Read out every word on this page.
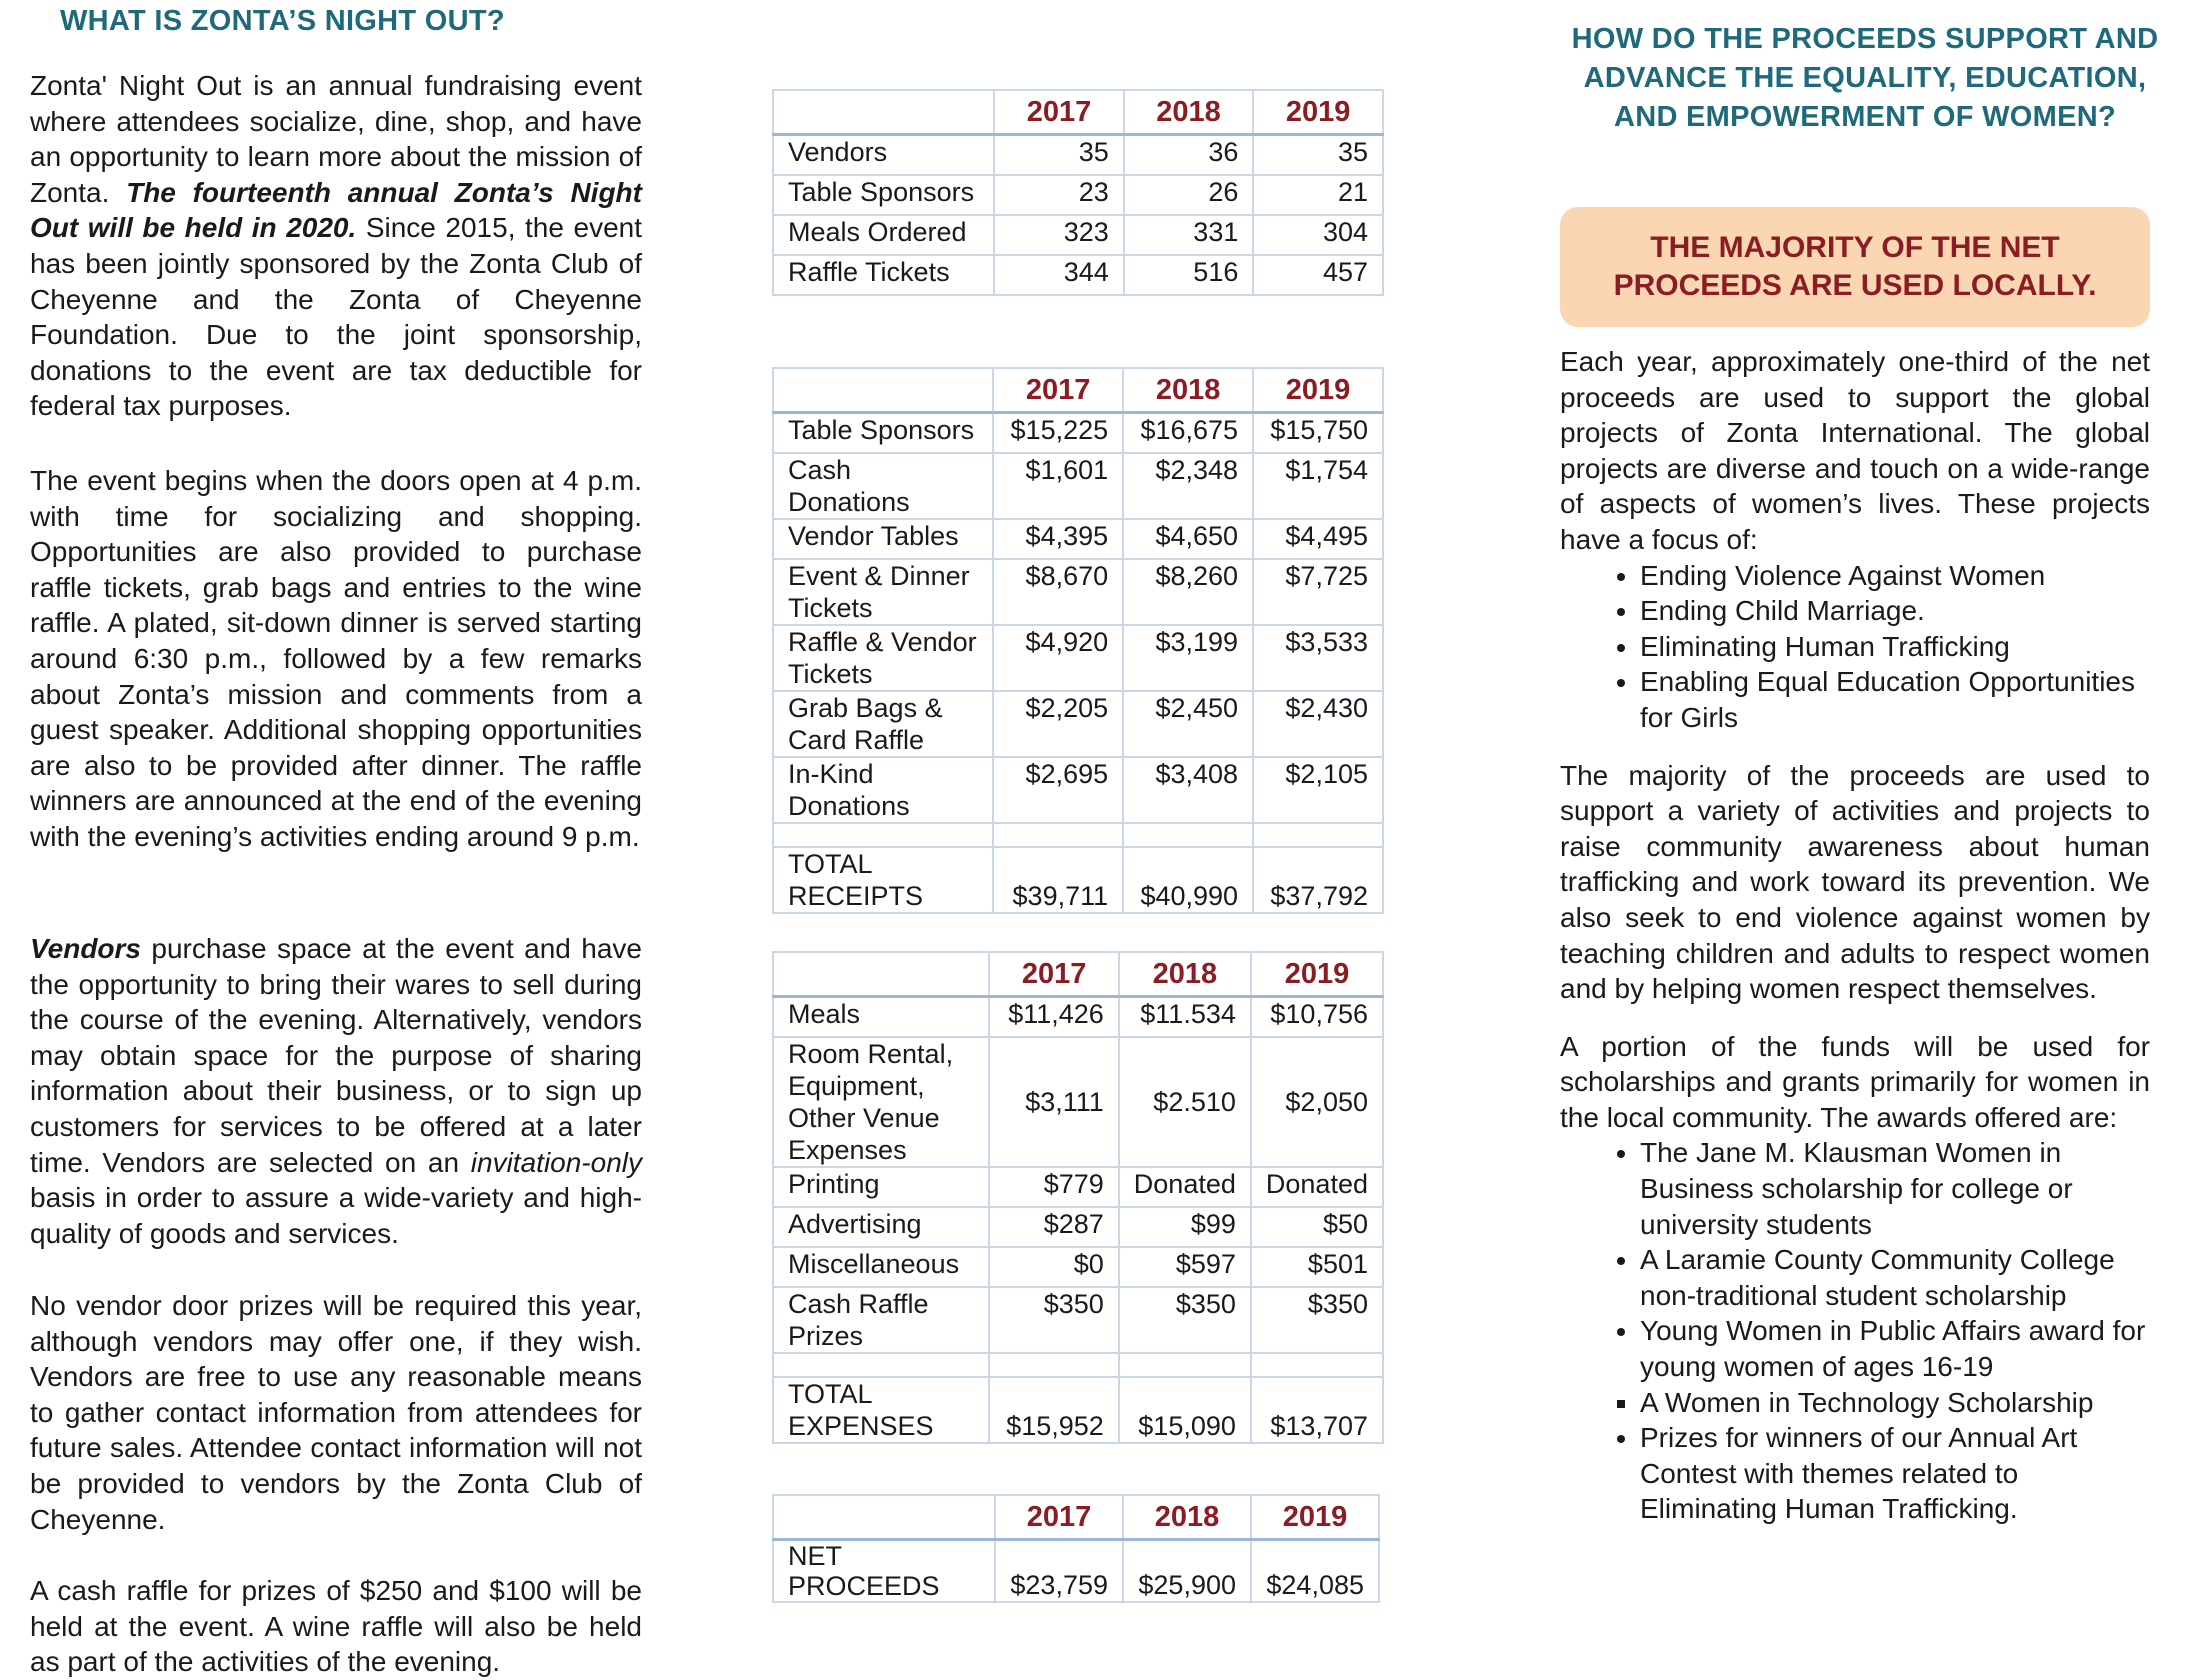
WHAT IS ZONTA’S NIGHT OUT?

Zonta' Night Out is an annual fundraising event where attendees socialize, dine, shop, and have an opportunity to learn more about the mission of Zonta. The fourteenth annual Zonta’s Night Out will be held in 2020. Since 2015, the event has been jointly sponsored by the Zonta Club of Cheyenne and the Zonta of Cheyenne Foundation. Due to the joint sponsorship, donations to the event are tax deductible for federal tax purposes.

The event begins when the doors open at 4 p.m. with time for socializing and shopping. Opportunities are also provided to purchase raffle tickets, grab bags and entries to the wine raffle. A plated, sit-down dinner is served starting around 6:30 p.m., followed by a few remarks about Zonta’s mission and comments from a guest speaker. Additional shopping opportunities are also to be provided after dinner. The raffle winners are announced at the end of the evening with the evening’s activities ending around 9 p.m.

Vendors purchase space at the event and have the opportunity to bring their wares to sell during the course of the evening. Alternatively, vendors may obtain space for the purpose of sharing information about their business, or to sign up customers for services to be offered at a later time. Vendors are selected on an invitation-only basis in order to assure a wide-variety and high-quality of goods and services.

No vendor door prizes will be required this year, although vendors may offer one, if they wish. Vendors are free to use any reasonable means to gather contact information from attendees for future sales. Attendee contact information will not be provided to vendors by the Zonta Club of Cheyenne.

A cash raffle for prizes of $250 and $100 will be held at the event. A wine raffle will also be held as part of the activities of the evening.

	2017	2018	2019
Vendors	35	36	35
Table Sponsors	23	26	21
Meals Ordered	323	331	304
Raffle Tickets	344	516	457
	2017	2018	2019
Table Sponsors	$15,225	$16,675	$15,750
Cash Donations	$1,601	$2,348	$1,754
Vendor Tables	$4,395	$4,650	$4,495
Event & Dinner Tickets	$8,670	$8,260	$7,725
Raffle & Vendor Tickets	$4,920	$3,199	$3,533
Grab Bags & Card Raffle	$2,205	$2,450	$2,430
In-Kind Donations	$2,695	$3,408	$2,105

TOTAL RECEIPTS	$39,711	$40,990	$37,792
	2017	2018	2019
Meals	$11,426	$11.534	$10,756
Room Rental, Equipment, Other Venue Expenses	$3,111	$2.510	$2,050
Printing	$779	Donated	Donated
Advertising	$287	$99	$50
Miscellaneous	$0	$597	$501
Cash Raffle Prizes	$350	$350	$350

TOTAL EXPENSES	$15,952	$15,090	$13,707
	2017	2018	2019
NET PROCEEDS	$23,759	$25,900	$24,085
HOW DO THE PROCEEDS SUPPORT AND ADVANCE THE EQUALITY, EDUCATION, AND EMPOWERMENT OF WOMEN?
THE MAJORITY OF THE NET PROCEEDS ARE USED LOCALLY.

Each year, approximately one-third of the net proceeds are used to support the global projects of Zonta International. The global projects are diverse and touch on a wide-range of aspects of women’s lives. These projects have a focus of:

• Ending Violence Against Women
• Ending Child Marriage.
• Eliminating Human Trafficking
• Enabling Equal Education Opportunities for Girls

The majority of the proceeds are used to support a variety of activities and projects to raise community awareness about human trafficking and work toward its prevention. We also seek to end violence against women by teaching children and adults to respect women and by helping women respect themselves.

A portion of the funds will be used for scholarships and grants primarily for women in the local community. The awards offered are:

• The Jane M. Klausman Women in Business scholarship for college or university students
• A Laramie County Community College non-traditional student scholarship
• Young Women in Public Affairs award for young women of ages 16-19
▪ A Women in Technology Scholarship
• Prizes for winners of our Annual Art Contest with themes related to Eliminating Human Trafficking.
